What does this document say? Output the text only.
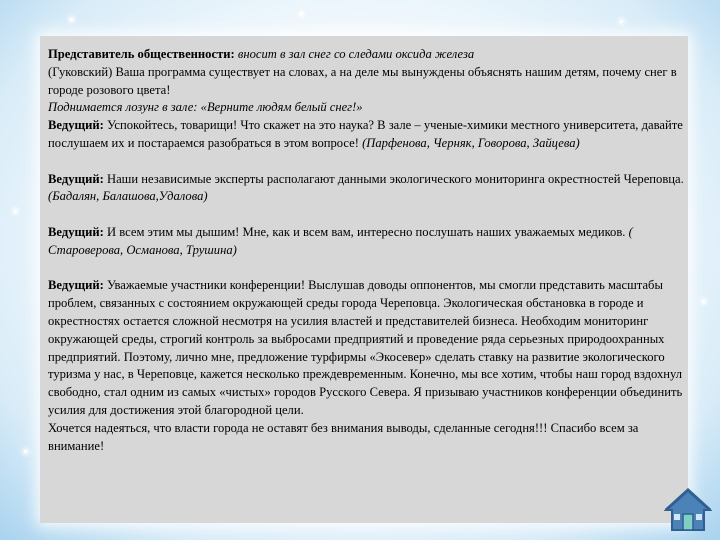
Представитель общественности: вносит в зал снег со следами оксида железа

(Гуковский) Ваша программа существует на словах, а на деле мы вынуждены объяснять нашим детям, почему снег в городе розового цвета!

Поднимается лозунг в зале: «Верните людям белый снег!»

Ведущий: Успокойтесь, товарищи! Что скажет на это наука? В зале – ученые-химики местного университета, давайте послушаем их и постараемся разобраться в этом вопросе! (Парфенова, Черняк, Говорова, Зайцева)

Ведущий: Наши независимые эксперты располагают данными экологического мониторинга окрестностей Череповца. (Бадалян, Балашова,Удалова)

Ведущий: И всем этим мы дышим! Мне, как и всем вам, интересно послушать наших уважаемых медиков. ( Староверова, Османова, Трушина)

Ведущий: Уважаемые участники конференции! Выслушав доводы оппонентов, мы смогли представить масштабы проблем, связанных с состоянием окружающей среды города Череповца. Экологическая обстановка в городе и окрестностях остается сложной несмотря на усилия властей и представителей бизнеса. Необходим мониторинг окружающей среды, строгий контроль за выбросами предприятий и проведение ряда серьезных природоохранных предприятий. Поэтому, лично мне, предложение турфирмы «Экосевер» сделать ставку на развитие экологического туризма у нас, в Череповце, кажется несколько преждевременным. Конечно, мы все хотим, чтобы наш город вздохнул свободно, стал одним из самых «чистых» городов Русского Севера. Я призываю участников конференции объединить усилия для достижения этой благородной цели.

Хочется надеяться, что власти города не оставят без внимания выводы, сделанные сегодня!!! Спасибо всем за внимание!
